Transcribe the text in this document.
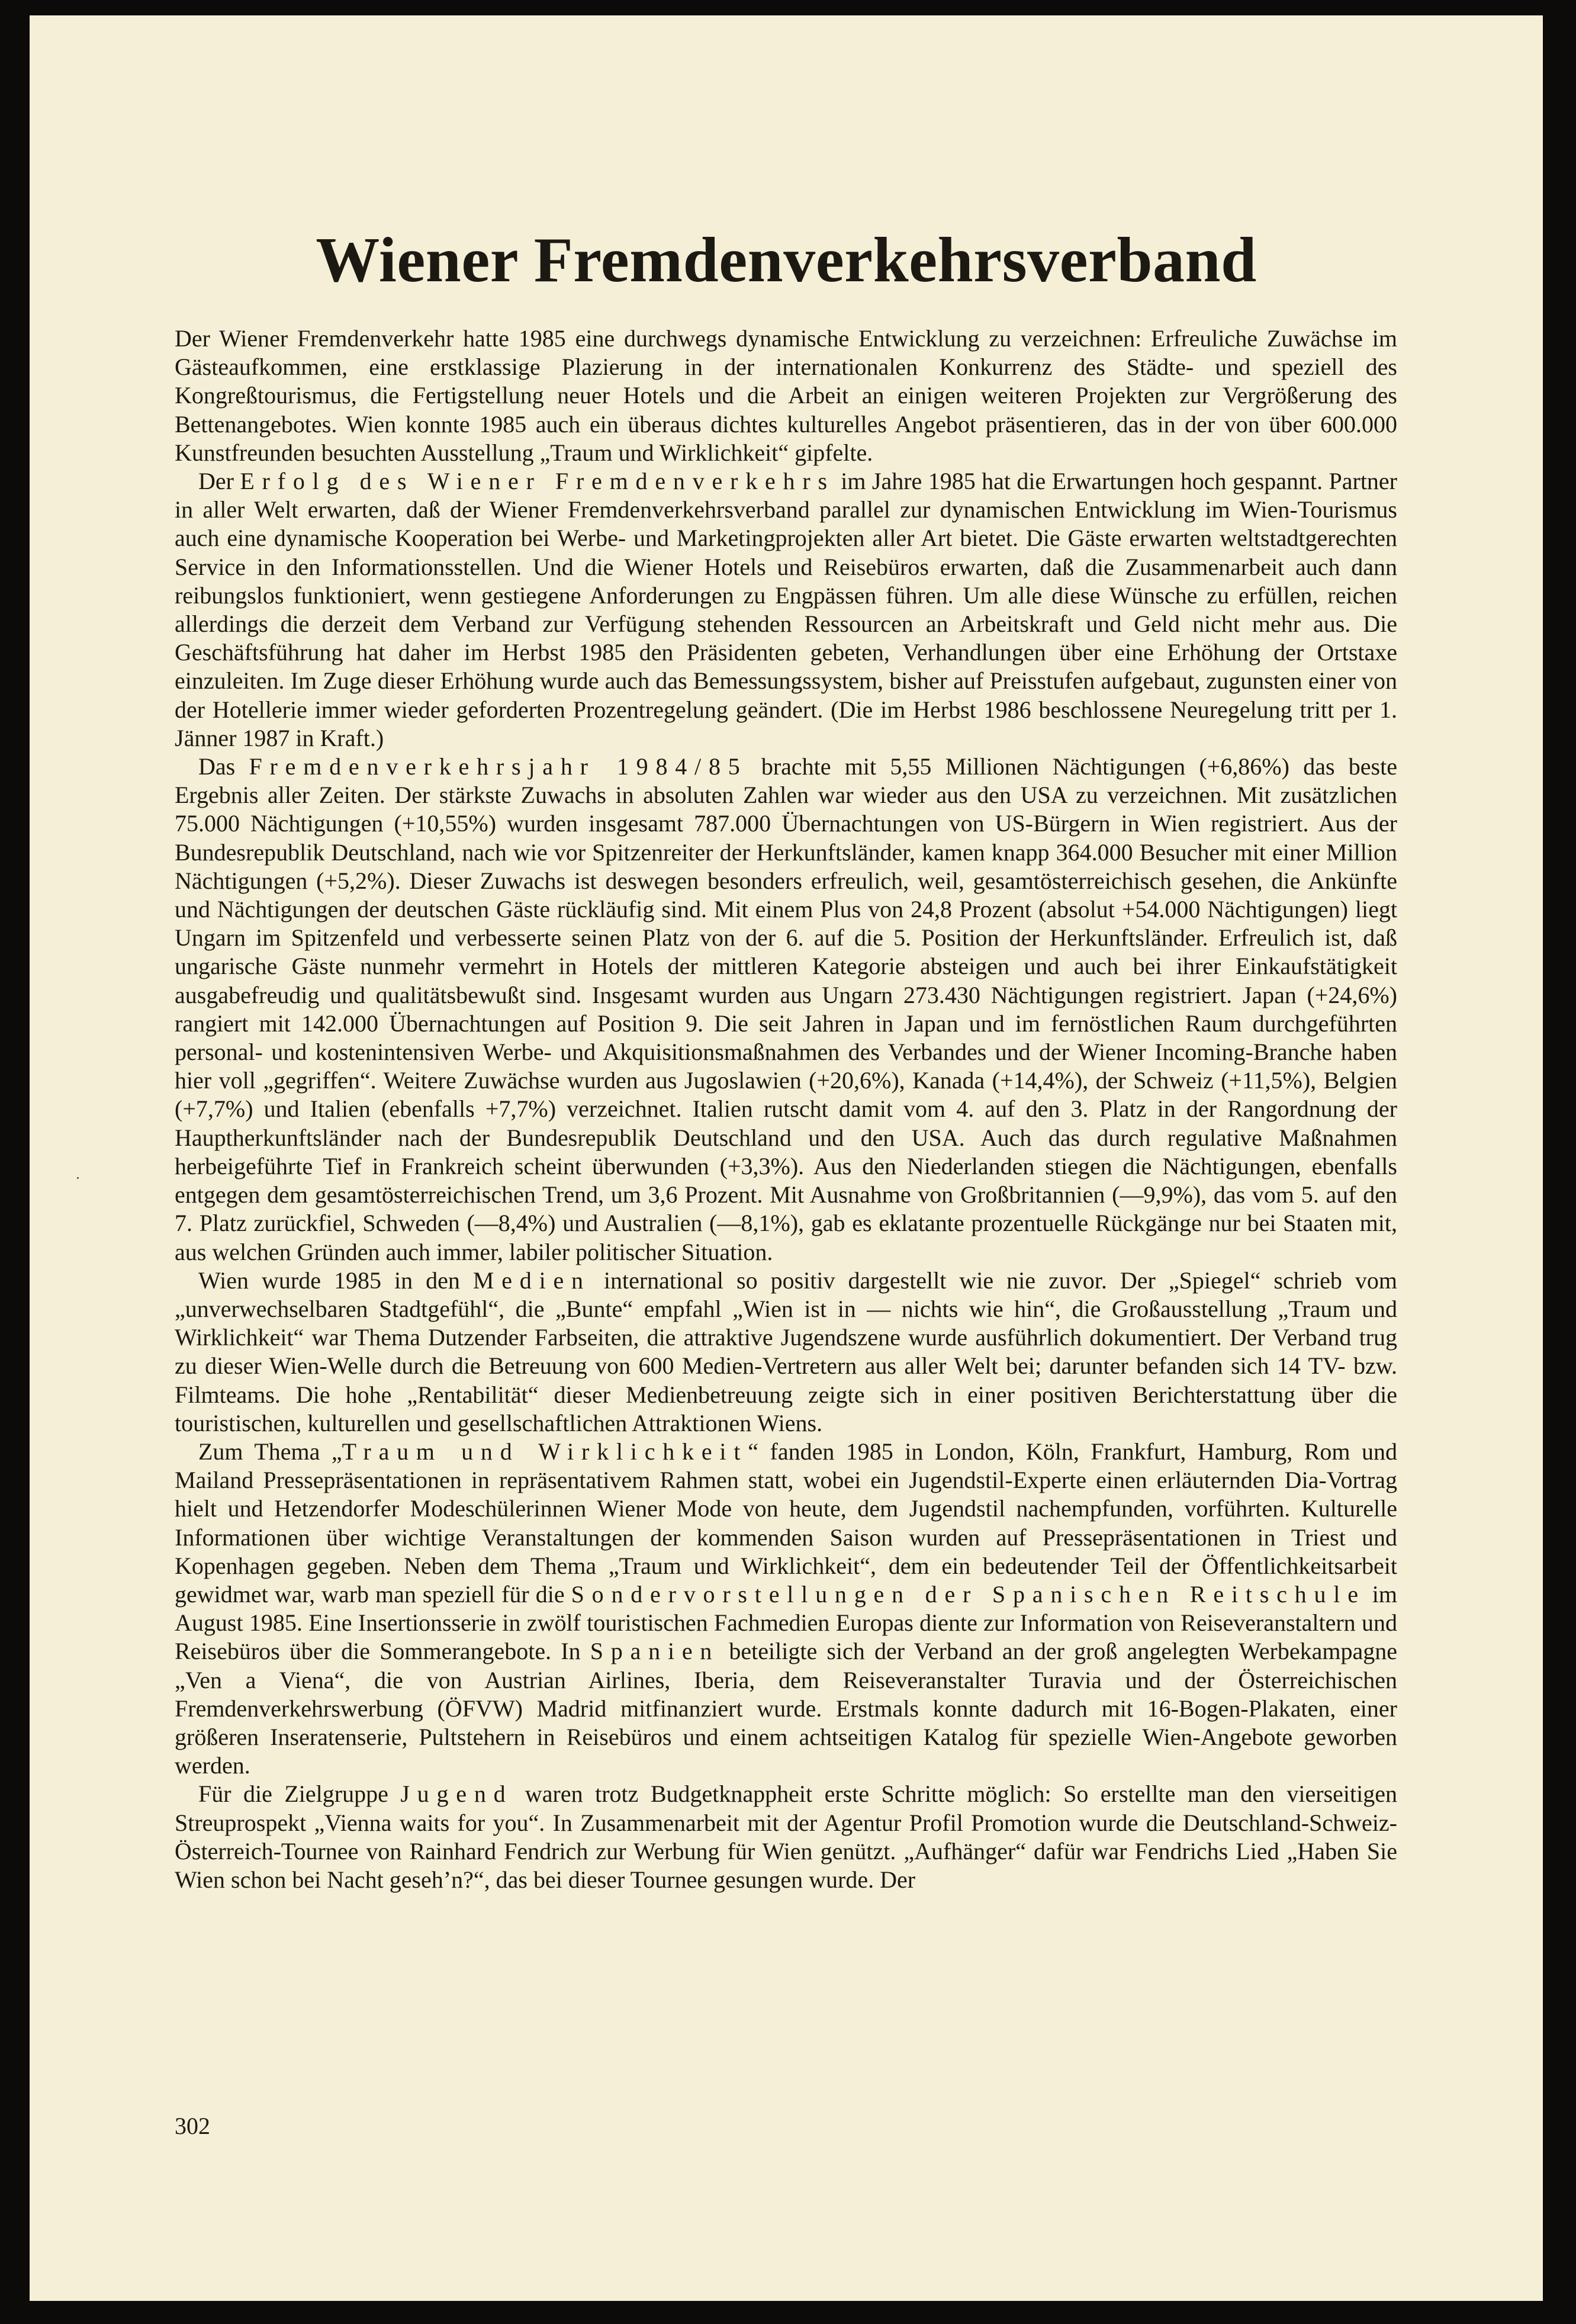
Wiener Fremdenverkehrsverband

Der Wiener Fremdenverkehr hatte 1985 eine durchwegs dynamische Entwicklung zu verzeichnen: Erfreuliche Zuwächse im Gästeaufkommen, eine erstklassige Plazierung in der internationalen Konkurrenz des Städte- und speziell des Kongreßtourismus, die Fertigstellung neuer Hotels und die Arbeit an einigen weiteren Projekten zur Vergrößerung des Bettenangebotes. Wien konnte 1985 auch ein überaus dichtes kulturelles Angebot präsentieren, das in der von über 600.000 Kunstfreunden besuchten Ausstellung „Traum und Wirklichkeit“ gipfelte.

Der Erfolg des Wiener Fremdenverkehrs im Jahre 1985 hat die Erwartungen hoch gespannt. Partner in aller Welt erwarten, daß der Wiener Fremdenverkehrsverband parallel zur dynamischen Entwicklung im Wien-Tourismus auch eine dynamische Kooperation bei Werbe- und Marketingprojekten aller Art bietet. Die Gäste erwarten weltstadtgerechten Service in den Informationsstellen. Und die Wiener Hotels und Reisebüros erwarten, daß die Zusammenarbeit auch dann reibungslos funktioniert, wenn gestiegene Anforderungen zu Engpässen führen. Um alle diese Wünsche zu erfüllen, reichen allerdings die derzeit dem Verband zur Verfügung stehenden Ressourcen an Arbeitskraft und Geld nicht mehr aus. Die Geschäftsführung hat daher im Herbst 1985 den Präsidenten gebeten, Verhandlungen über eine Erhöhung der Ortstaxe einzuleiten. Im Zuge dieser Erhöhung wurde auch das Bemessungssystem, bisher auf Preisstufen aufgebaut, zugunsten einer von der Hotellerie immer wieder geforderten Prozentregelung geändert. (Die im Herbst 1986 beschlossene Neuregelung tritt per 1. Jänner 1987 in Kraft.)

Das Fremdenverkehrsjahr 1984/85 brachte mit 5,55 Millionen Nächtigungen (+6,86%) das beste Ergebnis aller Zeiten. Der stärkste Zuwachs in absoluten Zahlen war wieder aus den USA zu verzeichnen. Mit zusätzlichen 75.000 Nächtigungen (+10,55%) wurden insgesamt 787.000 Übernachtungen von US-Bürgern in Wien registriert. Aus der Bundesrepublik Deutschland, nach wie vor Spitzenreiter der Herkunftsländer, kamen knapp 364.000 Besucher mit einer Million Nächtigungen (+5,2%). Dieser Zuwachs ist deswegen besonders erfreulich, weil, gesamtösterreichisch gesehen, die Ankünfte und Nächtigungen der deutschen Gäste rückläufig sind. Mit einem Plus von 24,8 Prozent (absolut +54.000 Nächtigungen) liegt Ungarn im Spitzenfeld und verbesserte seinen Platz von der 6. auf die 5. Position der Herkunftsländer. Erfreulich ist, daß ungarische Gäste nunmehr vermehrt in Hotels der mittleren Kategorie absteigen und auch bei ihrer Einkaufstätigkeit ausgabefreudig und qualitätsbewußt sind. Insgesamt wurden aus Ungarn 273.430 Nächtigungen registriert. Japan (+24,6%) rangiert mit 142.000 Übernachtungen auf Position 9. Die seit Jahren in Japan und im fernöstlichen Raum durchgeführten personal- und kostenintensiven Werbe- und Akquisitionsmaßnahmen des Verbandes und der Wiener Incoming-Branche haben hier voll „gegriffen“. Weitere Zuwächse wurden aus Jugoslawien (+20,6%), Kanada (+14,4%), der Schweiz (+11,5%), Belgien (+7,7%) und Italien (ebenfalls +7,7%) verzeichnet. Italien rutscht damit vom 4. auf den 3. Platz in der Rangordnung der Hauptherkunftsländer nach der Bundesrepublik Deutschland und den USA. Auch das durch regulative Maßnahmen herbeigeführte Tief in Frankreich scheint überwunden (+3,3%). Aus den Niederlanden stiegen die Nächtigungen, ebenfalls entgegen dem gesamtösterreichischen Trend, um 3,6 Prozent. Mit Ausnahme von Großbritannien (—9,9%), das vom 5. auf den 7. Platz zurückfiel, Schweden (—8,4%) und Australien (—8,1%), gab es eklatante prozentuelle Rückgänge nur bei Staaten mit, aus welchen Gründen auch immer, labiler politischer Situation.

Wien wurde 1985 in den Medien international so positiv dargestellt wie nie zuvor. Der „Spiegel“ schrieb vom „unverwechselbaren Stadtgefühl“, die „Bunte“ empfahl „Wien ist in — nichts wie hin“, die Großausstellung „Traum und Wirklichkeit“ war Thema Dutzender Farbseiten, die attraktive Jugendszene wurde ausführlich dokumentiert. Der Verband trug zu dieser Wien-Welle durch die Betreuung von 600 Medien-Vertretern aus aller Welt bei; darunter befanden sich 14 TV- bzw. Filmteams. Die hohe „Rentabilität“ dieser Medienbetreuung zeigte sich in einer positiven Berichterstattung über die touristischen, kulturellen und gesellschaftlichen Attraktionen Wiens.

Zum Thema „Traum und Wirklichkeit“ fanden 1985 in London, Köln, Frankfurt, Hamburg, Rom und Mailand Pressepräsentationen in repräsentativem Rahmen statt, wobei ein Jugendstil-Experte einen erläuternden Dia-Vortrag hielt und Hetzendorfer Modeschülerinnen Wiener Mode von heute, dem Jugendstil nachempfunden, vorführten. Kulturelle Informationen über wichtige Veranstaltungen der kommenden Saison wurden auf Pressepräsentationen in Triest und Kopenhagen gegeben. Neben dem Thema „Traum und Wirklichkeit“, dem ein bedeutender Teil der Öffentlichkeitsarbeit gewidmet war, warb man speziell für die Sondervorstellungen der Spanischen Reitschule im August 1985. Eine Insertionsserie in zwölf touristischen Fachmedien Europas diente zur Information von Reiseveranstaltern und Reisebüros über die Sommerangebote. In Spanien beteiligte sich der Verband an der groß angelegten Werbekampagne „Ven a Viena“, die von Austrian Airlines, Iberia, dem Reiseveranstalter Turavia und der Österreichischen Fremdenverkehrswerbung (ÖFVW) Madrid mitfinanziert wurde. Erstmals konnte dadurch mit 16-Bogen-Plakaten, einer größeren Inseratenserie, Pultstehern in Reisebüros und einem achtseitigen Katalog für spezielle Wien-Angebote geworben werden.

Für die Zielgruppe Jugend waren trotz Budgetknappheit erste Schritte möglich: So erstellte man den vierseitigen Streuprospekt „Vienna waits for you“. In Zusammenarbeit mit der Agentur Profil Promotion wurde die Deutschland-Schweiz-Österreich-Tournee von Rainhard Fendrich zur Werbung für Wien genützt. „Aufhänger“ dafür war Fendrichs Lied „Haben Sie Wien schon bei Nacht geseh’n?“, das bei dieser Tournee gesungen wurde. Der

302
